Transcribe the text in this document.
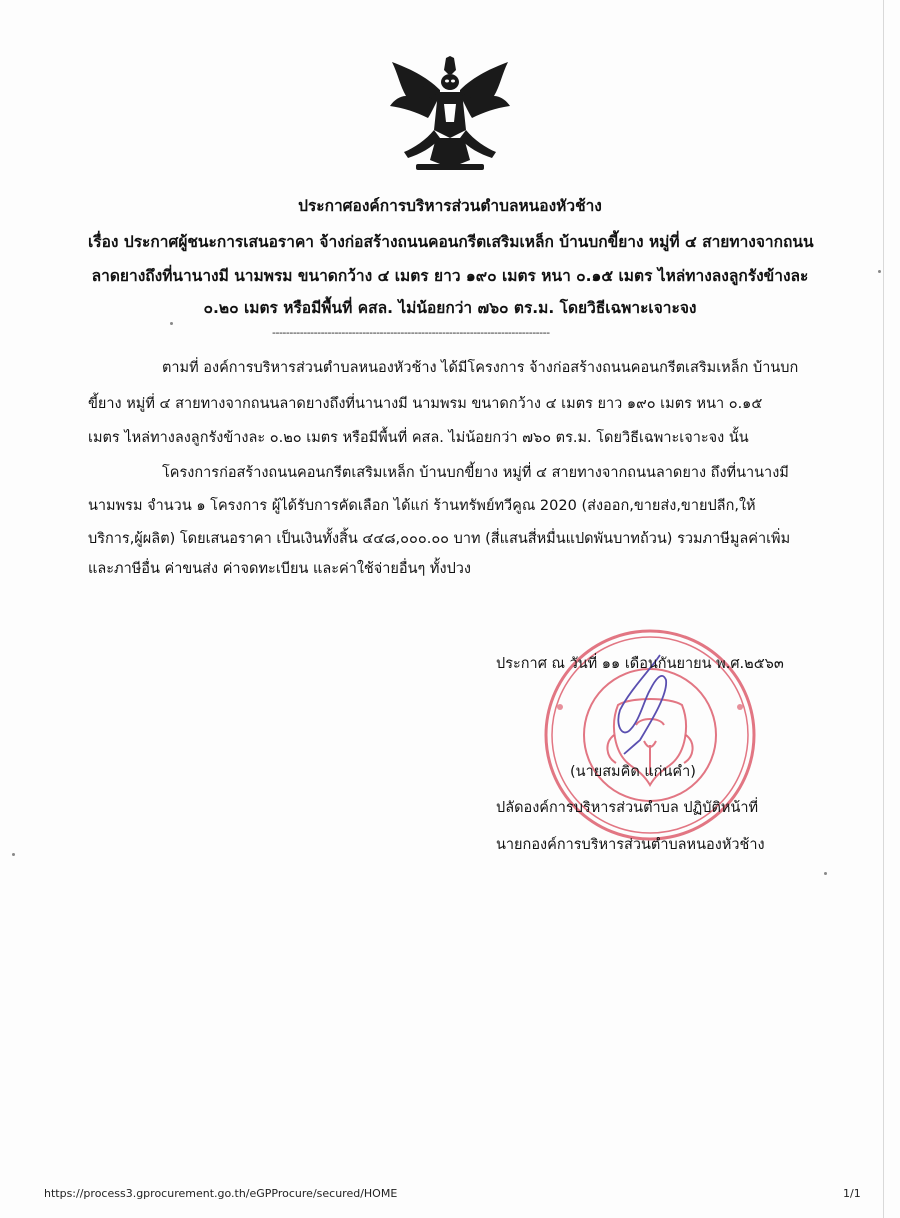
ประกาศองค์การบริหารส่วนตำบลหนองหัวช้าง
เรื่อง ประกาศผู้ชนะการเสนอราคา จ้างก่อสร้างถนนคอนกรีตเสริมเหล็ก บ้านบกขี้ยาง หมู่ที่ ๔ สายทางจากถนน
ลาดยางถึงที่นานางมี นามพรม ขนาดกว้าง ๔ เมตร ยาว ๑๙๐ เมตร หนา ๐.๑๕ เมตร ไหล่ทางลงลูกรังข้างละ
๐.๒๐ เมตร หรือมีพื้นที่ คสล. ไม่น้อยกว่า ๗๖๐ ตร.ม. โดยวิธีเฉพาะเจาะจง
--------------------------------------------------------------------------------
ตามที่ องค์การบริหารส่วนตำบลหนองหัวช้าง ได้มีโครงการ จ้างก่อสร้างถนนคอนกรีตเสริมเหล็ก บ้านบก
ขี้ยาง หมู่ที่ ๔ สายทางจากถนนลาดยางถึงที่นานางมี นามพรม ขนาดกว้าง ๔ เมตร ยาว ๑๙๐ เมตร หนา ๐.๑๕
เมตร ไหล่ทางลงลูกรังข้างละ ๐.๒๐ เมตร หรือมีพื้นที่ คสล. ไม่น้อยกว่า ๗๖๐ ตร.ม. โดยวิธีเฉพาะเจาะจง นั้น
โครงการก่อสร้างถนนคอนกรีตเสริมเหล็ก บ้านบกขี้ยาง หมู่ที่ ๔ สายทางจากถนนลาดยาง ถึงที่นานางมี
นามพรม จำนวน ๑ โครงการ ผู้ได้รับการคัดเลือก ได้แก่ ร้านทรัพย์ทวีคูณ 2020 (ส่งออก,ขายส่ง,ขายปลีก,ให้
บริการ,ผู้ผลิต) โดยเสนอราคา เป็นเงินทั้งสิ้น ๔๔๘,๐๐๐.๐๐ บาท (สี่แสนสี่หมื่นแปดพันบาทถ้วน) รวมภาษีมูลค่าเพิ่ม
และภาษีอื่น ค่าขนส่ง ค่าจดทะเบียน และค่าใช้จ่ายอื่นๆ ทั้งปวง
ประกาศ ณ วันที่ ๑๑ เดือนกันยายน พ.ศ.๒๕๖๓
(นายสมคิด แก่นคำ)
ปลัดองค์การบริหารส่วนตำบล ปฏิบัติหน้าที่
นายกองค์การบริหารส่วนตำบลหนองหัวช้าง
https://process3.gprocurement.go.th/eGPProcure/secured/HOME	1/1
